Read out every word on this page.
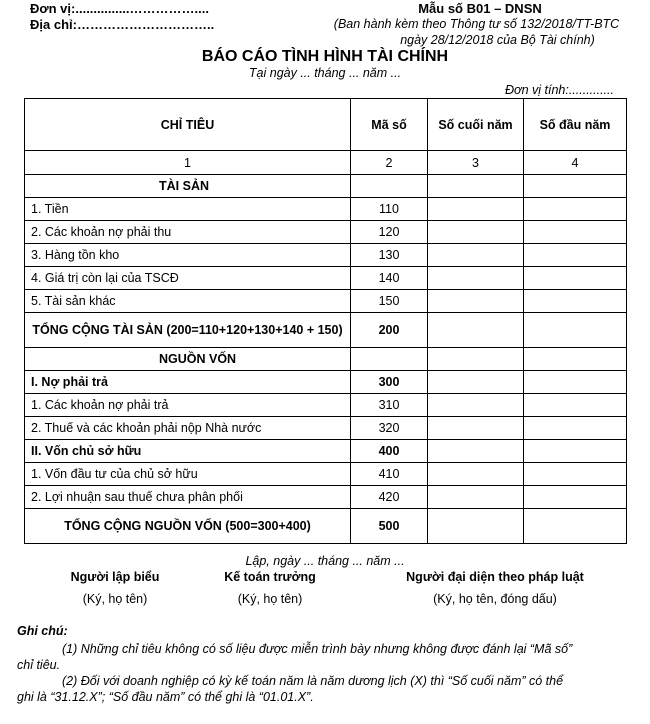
Đơn vị:...............……………....
Địa chỉ:…………………………..
Mẫu số B01 – DNSN
(Ban hành kèm theo Thông tư số 132/2018/TT-BTC
ngày 28/12/2018 của Bộ Tài chính)
BÁO CÁO TÌNH HÌNH TÀI CHÍNH
Tại ngày ... tháng ... năm ...
Đơn vị tính:.............
CHỈ TIÊU	Mã số	Số cuối năm	Số đầu năm
1	2	3	4
TÀI SẢN			
1. Tiền	110		
2. Các khoản nợ phải thu	120		
3. Hàng tồn kho	130		
4. Giá trị còn lại của TSCĐ	140		
5. Tài sản khác	150		
TỔNG CỘNG TÀI SẢN (200=110+120+130+140 + 150)	200		
NGUỒN VỐN			
I. Nợ phải trả	300		
1. Các khoản nợ phải trả	310		
2. Thuế và các khoản phải nộp Nhà nước	320		
II. Vốn chủ sở hữu	400		
1. Vốn đầu tư của chủ sở hữu	410		
2. Lợi nhuận sau thuế chưa phân phối	420		
TỔNG CỘNG NGUỒN VỐN (500=300+400)	500		
Lập, ngày ... tháng ... năm ...
Người lập biểu
(Ký, họ tên)
Kế toán trưởng
(Ký, họ tên)
Người đại diện theo pháp luật
(Ký, họ tên, đóng dấu)
Ghi chú:
(1) Những chỉ tiêu không có số liệu được miễn trình bày nhưng không được đánh lại “Mã số”
chỉ tiêu.
(2) Đối với doanh nghiệp có kỳ kế toán năm là năm dương lịch (X) thì “Số cuối năm” có thể
ghi là “31.12.X”; “Số đầu năm” có thể ghi là “01.01.X”.
